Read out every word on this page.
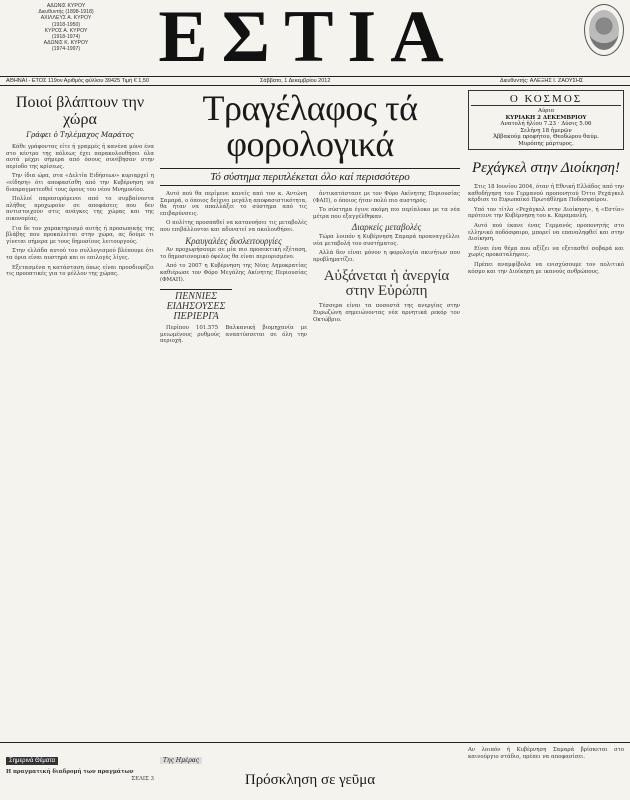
ΑΔΩΝΙΣ ΚΥΡΟΥ
Διευθυντής (1898-1918)
ΑΧΙΛΛΕΥΣ Α. ΚΥΡΟΥ
(1918-1950)
ΚΥΡΟΣ Α. ΚΥΡΟΥ
(1918-1974)
ΑΔΩΝΙΣ Κ. ΚΥΡΟΥ
(1974-1997)	ΕΣΤΙΑ
ΑΘΗΝΑΙ - ΕΤΟΣ 119ον Αριθμός φύλλου 39425 Τιμή € 1,50	Σάββατο, 1 Δεκεμβρίου 2012	Διευθυντής: ΑΛΕΞΗΣ Ι. ΖΑΟΥΣΗΣ
Ποιοί βλάπτουν την χώρα
Γράφει ὁ Τηλέμαχος Μαράτος

Κάθε γράφοντας είτε ή γραμμές ή κανένα μόνο ένα στο κέντρο της πόλεως έχει παρακολουθήσει όλα αυτά μέχρι σήμερα από όσους συνέβησαν στην περίοδο της κρίσεως.

Την ίδια ώρα, στα «Δελτία Ειδήσεων» κυριαρχεί η «είδηση» ότι αποφασίσθη από την Κυβέρνηση να διαπραγματευθεί τους όρους του νέου Μνημονίου.

Πολλοί παρασυρόμενοι από το συμβαίνοντα πλήθος προχωρούν σε αποφάσεις που δεν αντιστοιχούν στις ανάγκες της χώρας και της οικονομίας.

Για δε τον χαρακτηρισμό αυτής ή προσωπικής της βλάβης που προκαλείται στην χώρα, ας δούμε τι γίνεται σήμερα με τους δημοσίους λειτουργούς.

Στην ελλάδα αυτού του συλλογισμού βλέπουμε ότι τα όρια είναι αυστηρά και οι επιλογές λίγες.

Εξετασμένα η κατάσταση όπως είναι προσδιορίζει τις προοπτικές για το μέλλον της χώρας.

Τραγέλαφος τά φορολογικά
Τό σύστημα περιπλέκεται όλο καί περισσότερο

Αυτό πού θα περίμενε κανείς από τον κ. Αντώνη Σαμαρά, ο όποιος δείχνει μεγάλη αποφασιστικότητα, θα ήταν να απαλλάξει το σύστημα από τις επιβαρύνσεις.

Ο πολίτης προσπαθεί να κατανοήσει τις μεταβολές που επιβάλλονται και αδυνατεί να ακολουθήσει.

Κραυγαλέες δυσλειτουργίες

Αν προχωρήσουμε σε μία πιο προσεκτική εξέταση, το δημοσιονομικό όφελος θα είναι περιορισμένο.

Από το 2007 η Κυβέρνηση της Νέας Δημοκρατίας καθιέρωσε τον Φόρο Μεγάλης Ακίνητης Περιουσίας (ΦΜΑΠ).

ΠΕΝΝΙΕΣ ΕΙΔΗΣΟΥΣΕΣ ΠΕΡΙΕΡΓΑ

Περίπου 101.575 Βαλκανική βιομηχανία με μειωμένους ρυθμούς αναπτύσσεται σε όλη την περιοχή.

ἀντικατάστασε με τον Φόρο Ακίνητης Περιουσίας (ΦΑΠ), ο όποιος ήταν πολύ πιο αυστηρός.

Το σύστημα έγινε ακόμη πιο περίπλοκο με τα νέα μέτρα που εξαγγέλθηκαν.

Διαρκείς μεταβολές

Τώρα λοιπόν η Κυβέρνηση Σαμαρά προαναγγέλλει νέα μεταβολή του συστήματος.

Αλλά δεν είναι μόνον η φορολογία ακινήτων που προβληματίζει.

Αὐξάνεται ἡ ἀνεργία στην Εὐρώπη

Τέσσερα είναι τα ποσοστά της ανεργίας στην Ευρωζώνη σημειώνοντας νέα αρνητικά ρεκόρ τον Οκτώβριο.

Ο ΚΟΣΜΟΣ
Αύριο
ΚΥΡΙΑΚΗ 2 ΔΕΚΕΜΒΡΙΟΥ
Ανατολή ἡλίου 7.23 · Δύσις 5.06
Σελήνη 18 ἡμερῶν
Ἀββακούμ προφήτου, Θεοδώρου θαύμ.
Μυρόπης μάρτυρος.
Ρεχάγκελ στην Διοίκηση!

Στις 18 Ιουνίου 2004, όταν ή Εθνική Ελλάδος από την καθοδήγηση του Γερμανού προπονητού Όττο Ρεχάγκελ κέρδισε το Ευρωπαϊκό Πρωτάθλημα Ποδοσφαίρου.

Υπό τον τίτλο «Ρεχάγκελ στην Διοίκηση», ή «Εστία» πρότεινε την Κυβέρνηση του κ. Καραμανλή.

Αυτό πού έκανε ένας Γερμανός προπονητής στο ελληνικό ποδόσφαιρο, μπορεί να επαναληφθεί και στην Διοίκηση.

Είναι ένα θέμα που αξίζει να εξετασθεί σοβαρά και χωρίς προκαταλήψεις.

Πρέπει αναμφίβολα να ενισχύσουμε τον πολιτικό κόσμο και την Διοίκηση με ικανούς ανθρώπους.

Σημερινά Θέματα
Η πραγματική διαδρομή των πραγμάτων
ΣΕΛΙΣ 3
Της Ημέρας
Πρόσκληση σε γεῦμα
Αν λοιπόν ή Κυβέρνηση Σαμαρά βρίσκεται στο καινούργιο στάδιο, πρέπει να αποφασίσει.
